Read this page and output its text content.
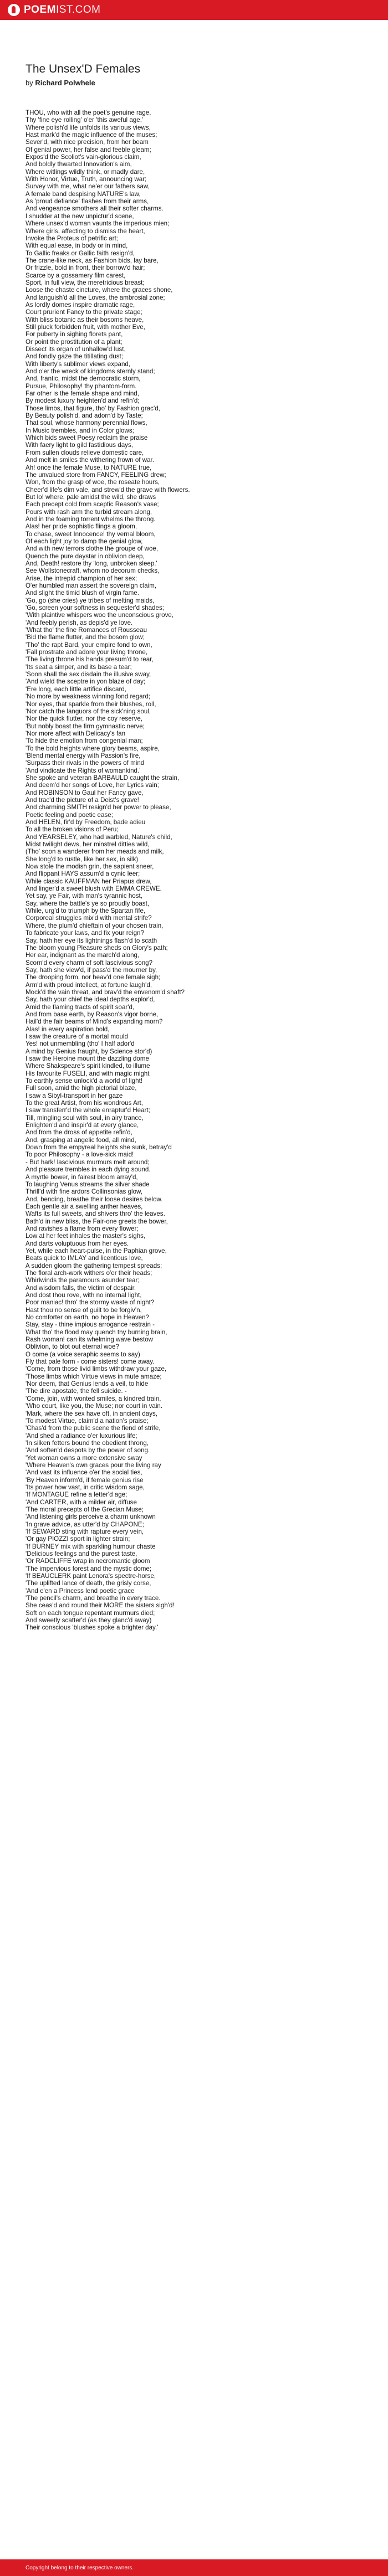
POEMIST.COM
The Unsex'D Females
by Richard Polwhele
THOU, who with all the poet's genuine rage,
Thy 'fine eye rolling' o'er 'this aweful age,'
Where polish'd life unfolds its various views,
Hast mark'd the magic influence of the muses;
Sever'd, with nice precision, from her beam
Of genial power, her false and feeble gleam;
Expos'd the Scoliot's vain-glorious claim,
And boldly thwarted Innovation's aim,
Where witlings wildly think, or madly dare,
With Honor, Virtue, Truth, announcing war;
Survey with me, what ne'er our fathers saw,
A female band despising NATURE's law,
As 'proud defiance' flashes from their arms,
And vengeance smothers all their softer charms.
I shudder at the new unpictur'd scene,
Where unsex'd woman vaunts the imperious mien;
Where girls, affecting to dismiss the heart,
Invoke the Proteus of petrific art;
With equal ease, in body or in mind,
To Gallic freaks or Gallic faith resign'd,
The crane-like neck, as Fashion bids, lay bare,
Or frizzle, bold in front, their borrow'd hair;
Scarce by a gossamery film carest,
Sport, in full view, the meretricious breast;
Loose the chaste cincture, where the graces shone,
And languish'd all the Loves, the ambrosial zone;
As lordly domes inspire dramatic rage,
Court prurient Fancy to the private stage;
With bliss botanic as their bosoms heave,
Still pluck forbidden fruit, with mother Eve,
For puberty in sighing florets pant,
Or point the prostitution of a plant;
Dissect its organ of unhallow'd lust,
And fondly gaze the titillating dust;
With liberty's sublimer views expand,
And o'er the wreck of kingdoms sternly stand;
And, frantic, midst the democratic storm,
Pursue, Philosophy! thy phantom-form.
Far other is the female shape and mind,
By modest luxury heighten'd and refin'd;
Those limbs, that figure, tho' by Fashion grac'd,
By Beauty polish'd, and adorn'd by Taste;
That soul, whose harmony perennial flows,
In Music trembles, and in Color glows;
Which bids sweet Poesy reclaim the praise
With faery light to gild fastidious days,
From sullen clouds relieve domestic care,
And melt in smiles the withering frown of war.
Ah! once the female Muse, to NATURE true,
The unvalued store from FANCY, FEELING drew;
Won, from the grasp of woe, the roseate hours,
Cheer'd life's dim vale, and strew'd the grave with flowers.
But lo! where, pale amidst the wild, she draws
Each precept cold from sceptic Reason's vase;
Pours with rash arm the turbid stream along,
And in the foaming torrent whelms the throng.
Alas! her pride sophistic flings a gloom,
To chase, sweet Innocence! thy vernal bloom,
Of each light joy to damp the genial glow,
And with new terrors clothe the groupe of woe,
Quench the pure daystar in oblivion deep,
And, Death! restore thy 'long, unbroken sleep.'
See Wollstonecraft, whom no decorum checks,
Arise, the intrepid champion of her sex;
O'er humbled man assert the sovereign claim,
And slight the timid blush of virgin fame.
'Go, go (she cries) ye tribes of melting maids,
'Go, screen your softness in sequester'd shades;
'With plaintive whispers woo the unconscious grove,
'And feebly perish, as depis'd ye love.
'What tho' the fine Romances of Rousseau
'Bid the flame flutter, and the bosom glow;
'Tho' the rapt Bard, your empire fond to own,
'Fall prostrate and adore your living throne,
'The living throne his hands presum'd to rear,
'Its seat a simper, and its base a tear;
'Soon shall the sex disdain the illusive sway,
'And wield the sceptre in yon blaze of day;
'Ere long, each little artifice discard,
'No more by weakness winning fond regard;
'Nor eyes, that sparkle from their blushes, roll,
'Nor catch the languors of the sick'ning soul,
'Nor the quick flutter, nor the coy reserve,
'But nobly boast the firm gymnastic nerve;
'Nor more affect with Delicacy's fan
'To hide the emotion from congenial man;
'To the bold heights where glory beams, aspire,
'Blend mental energy with Passion's fire,
'Surpass their rivals in the powers of mind
'And vindicate the Rights of womankind.'
She spoke and veteran BARBAULD caught the strain,
And deem'd her songs of Love, her Lyrics vain;
And ROBINSON to Gaul her Fancy gave,
And trac'd the picture of a Deist's grave!
And charming SMITH resign'd her power to please,
Poetic feeling and poetic ease;
And HELEN, fir'd by Freedom, bade adieu
To all the broken visions of Peru;
And YEARSELEY, who had warbled, Nature's child,
Midst twilight dews, her minstrel ditties wild,
(Tho' soon a wanderer from her meads and milk,
She long'd to rustle, like her sex, in silk)
Now stole the modish grin, the sapient sneer,
And flippant HAYS assum'd a cynic leer;
While classic KAUFFMAN her Priapus drew,
And linger'd a sweet blush with EMMA CREWE.
Yet say, ye Fair, with man's tyrannic host,
Say, where the battle's ye so proudly boast,
While, urg'd to triumph by the Spartan fife,
Corporeal struggles mix'd with mental strife?
Where, the plum'd chieftain of your chosen train,
To fabricate your laws, and fix your reign?
Say, hath her eye its lightnings flash'd to scath
The bloom young Pleasure sheds on Glory's path;
Her ear, indignant as the march'd along,
Scorn'd every charm of soft lascivious song?
Say, hath she view'd, if pass'd the mourner by,
The drooping form, nor heav'd one female sigh;
Arm'd with proud intellect, at fortune laugh'd,
Mock'd the vain threat, and brav'd the envenom'd shaft?
Say, hath your chief the ideal depths explor'd,
Amid the flaming tracts of spirit soar'd,
And from base earth, by Reason's vigor borne,
Hail'd the fair beams of Mind's expanding morn?
Alas! in every aspiration bold,
I saw the creature of a mortal mould
Yes! not unmembling (tho' I half ador'd
A mind by Genius fraught, by Science stor'd)
I saw the Heroine mount the dazzling dome
Where Shakspeare's spirit kindled, to illume
His favourite FUSELI, and with magic might
To earthly sense unlock'd a world of light!
Full soon, amid the high pictorial blaze,
I saw a Sibyl-transport in her gaze
To the great Artist, from his wondrous Art,
I saw transferr'd the whole enraptur'd Heart;
Till, mingling soul with soul, in airy trance,
Enlighten'd and inspir'd at every glance,
And from the dross of appetite refin'd,
And, grasping at angelic food, all mind,
Down from the empyreal heights she sunk, betray'd
To poor Philosophy - a love-sick maid!
- But hark! lascivious murmurs melt around;
And pleasure trembles in each dying sound.
A myrtle bower, in fairest bloom array'd,
To laughing Venus streams the silver shade
Thrill'd with fine ardors Collinsonias glow,
And, bending, breathe their loose desires below.
Each gentle air a swelling anther heaves,
Wafts its full sweets, and shivers thro' the leaves.
Bath'd in new bliss, the Fair-one greets the bower,
And ravishes a flame from every flower;
Low at her feet inhales the master's sighs,
And darts voluptuous from her eyes.
Yet, while each heart-pulse, in the Paphian grove,
Beats quick to IMLAY and licentious love,
A sudden gloom the gathering tempest spreads;
The floral arch-work withers o'er their heads;
Whirlwinds the paramours asunder tear;
And wisdom falls, the victim of despair.
And dost thou rove, with no internal light,
Poor maniac! thro' the stormy waste of night?
Hast thou no sense of guilt to be forgiv'n,
No comforter on earth, no hope in Heaven?
Stay, stay - thine impious arrogance restrain -
What tho' the flood may quench thy burning brain,
Rash woman! can its whelming wave bestow
Oblivion, to blot out eternal woe?
O come (a voice seraphic seems to say)
Fly that pale form - come sisters! come away.
'Come, from those livid limbs withdraw your gaze,
'Those limbs which Virtue views in mute amaze;
'Nor deem, that Genius lends a veil, to hide
'The dire apostate, the fell suicide. -
'Come, join, with wonted smiles, a kindred train,
'Who court, like you, the Muse; nor court in vain.
'Mark, where the sex have oft, in ancient days,
'To modest Virtue, claim'd a nation's praise;
'Chas'd from the public scene the fiend of strife,
'And shed a radiance o'er luxurious life;
'In silken fetters bound the obedient throng,
'And soften'd despots by the power of song.
'Yet woman owns a more extensive sway
'Where Heaven's own graces pour the living ray
'And vast its influence o'er the social ties,
'By Heaven inform'd, if female genius rise
'Its power how vast, in critic wisdom sage,
'If MONTAGUE refine a letter'd age;
'And CARTER, with a milder air, diffuse
'The moral precepts of the Grecian Muse;
'And listening girls perceive a charm unknown
'In grave advice, as utter'd by CHAPONE;
'If SEWARD sting with rapture every vein,
'Or gay PIOZZI sport in lighter strain;
'If BURNEY mix with sparkling humour chaste
'Delicious feelings and the purest taste,
'Or RADCLIFFE wrap in necromantic gloom
'The impervious forest and the mystic dome;
'If BEAUCLERK paint Lenora's spectre-horse,
'The uplifted lance of death, the grisly corse,
'And e'en a Princess lend poetic grace
'The pencil's charm, and breathe in every trace.
She ceas'd and round their MORE the sisters sigh'd!
Soft on each tongue repentant murmurs died;
And sweetly scatter'd (as they glanc'd away)
Their conscious 'blushes spoke a brighter day.'
Copyright belong to their respective owners.
